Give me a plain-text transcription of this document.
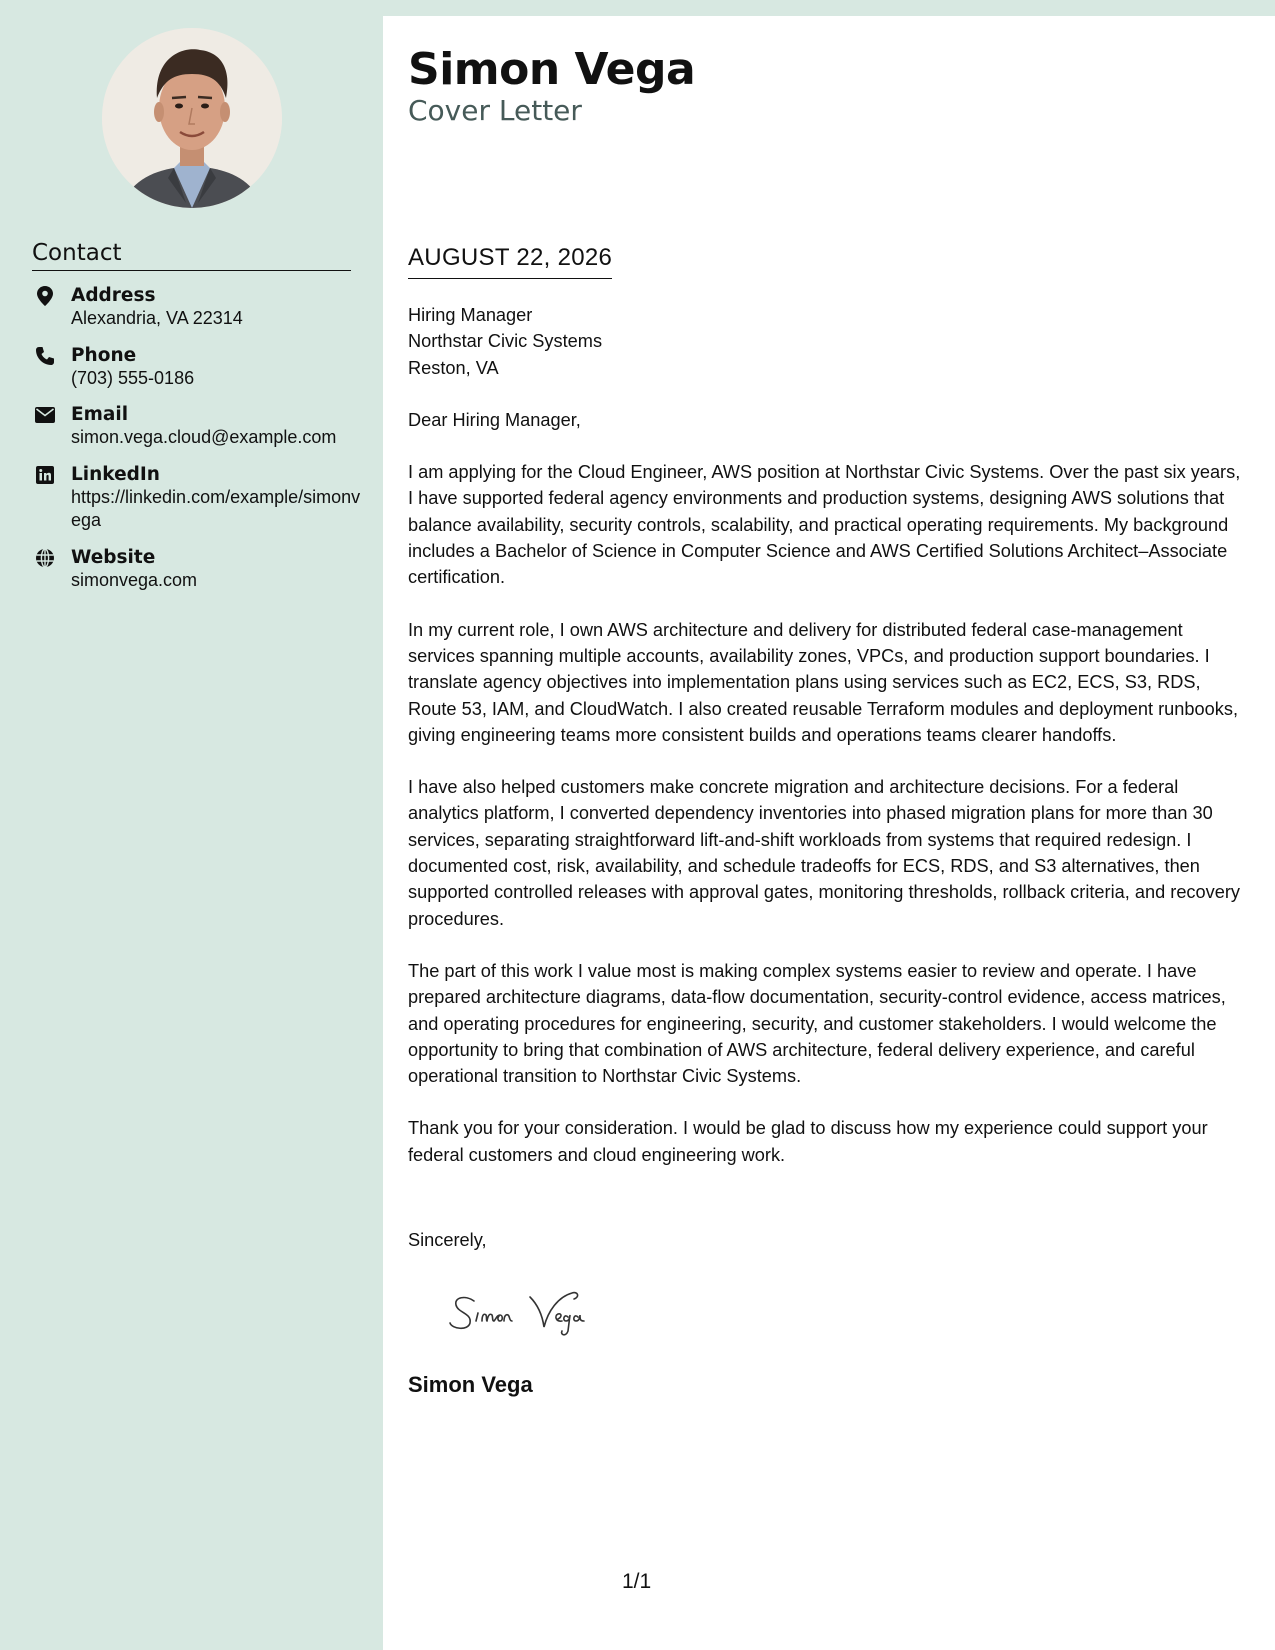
Contact
Address
Alexandria, VA 22314
Phone
(703) 555-0186
Email
simon.vega.cloud@example.com
LinkedIn
https://linkedin.com/example/simonvega
Website
simonvega.com
Simon Vega
Cover Letter
AUGUST 22, 2026
Hiring Manager
Northstar Civic Systems
Reston, VA

Dear Hiring Manager,

I am applying for the Cloud Engineer, AWS position at Northstar Civic Systems. Over the past six years, I have supported federal agency environments and production systems, designing AWS solutions that balance availability, security controls, scalability, and practical operating requirements. My background includes a Bachelor of Science in Computer Science and AWS Certified Solutions Architect–Associate certification.

In my current role, I own AWS architecture and delivery for distributed federal case-management services spanning multiple accounts, availability zones, VPCs, and production support boundaries. I translate agency objectives into implementation plans using services such as EC2, ECS, S3, RDS, Route 53, IAM, and CloudWatch. I also created reusable Terraform modules and deployment runbooks, giving engineering teams more consistent builds and operations teams clearer handoffs.

I have also helped customers make concrete migration and architecture decisions. For a federal analytics platform, I converted dependency inventories into phased migration plans for more than 30 services, separating straightforward lift-and-shift workloads from systems that required redesign. I documented cost, risk, availability, and schedule tradeoffs for ECS, RDS, and S3 alternatives, then supported controlled releases with approval gates, monitoring thresholds, rollback criteria, and recovery procedures.

The part of this work I value most is making complex systems easier to review and operate. I have prepared architecture diagrams, data-flow documentation, security-control evidence, access matrices, and operating procedures for engineering, security, and customer stakeholders. I would welcome the opportunity to bring that combination of AWS architecture, federal delivery experience, and careful operational transition to Northstar Civic Systems.

Thank you for your consideration. I would be glad to discuss how my experience could support your federal customers and cloud engineering work.

Sincerely,
Simon Vega
1/1
